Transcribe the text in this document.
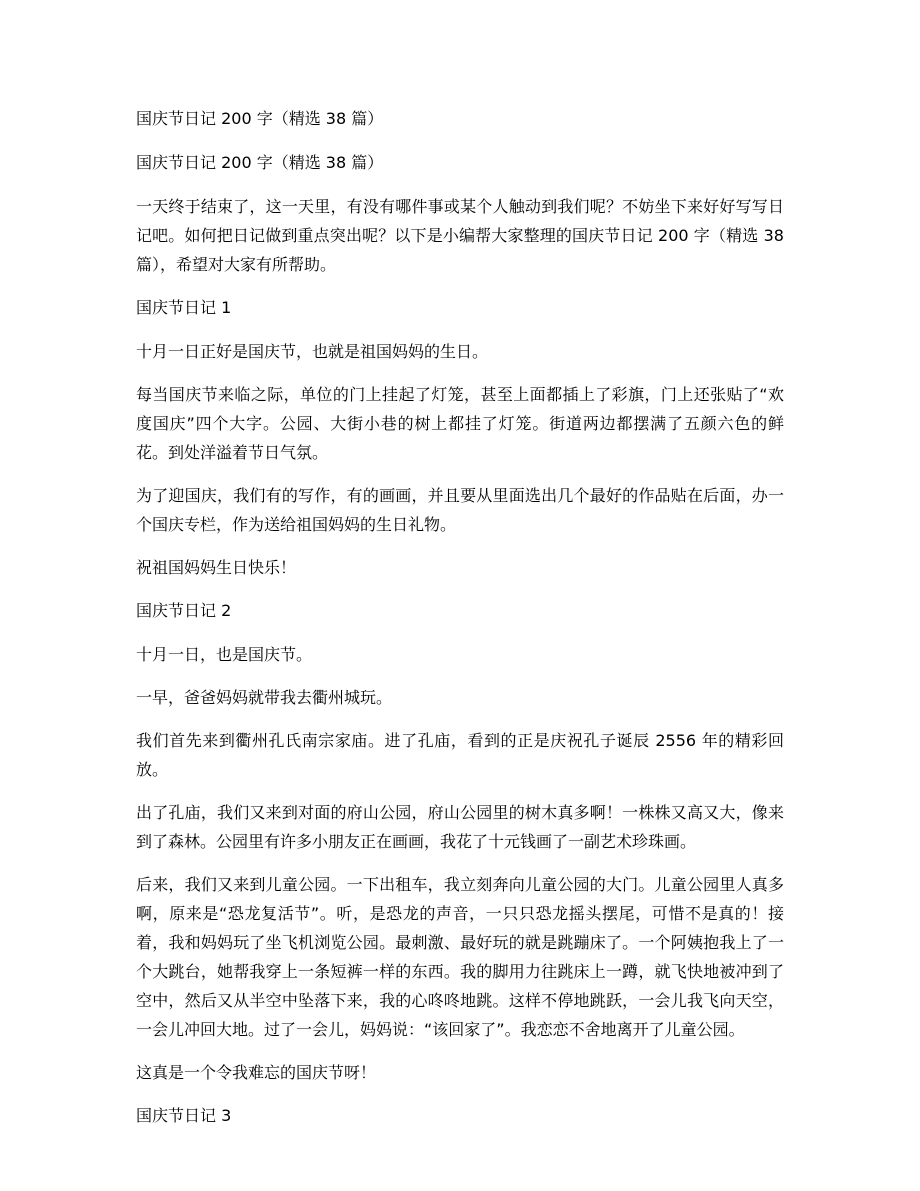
国庆节日记 200 字（精选 38 篇）

国庆节日记 200 字（精选 38 篇）

一天终于结束了，这一天里，有没有哪件事或某个人触动到我们呢？不妨坐下来好好写写日记吧。如何把日记做到重点突出呢？以下是小编帮大家整理的国庆节日记 200 字（精选 38 篇），希望对大家有所帮助。

国庆节日记 1

十月一日正好是国庆节，也就是祖国妈妈的生日。

每当国庆节来临之际，单位的门上挂起了灯笼，甚至上面都插上了彩旗，门上还张贴了“欢度国庆”四个大字。公园、大街小巷的树上都挂了灯笼。街道两边都摆满了五颜六色的鲜花。到处洋溢着节日气氛。

为了迎国庆，我们有的写作，有的画画，并且要从里面选出几个最好的作品贴在后面，办一个国庆专栏，作为送给祖国妈妈的生日礼物。

祝祖国妈妈生日快乐！

国庆节日记 2

十月一日，也是国庆节。

一早，爸爸妈妈就带我去衢州城玩。

我们首先来到衢州孔氏南宗家庙。进了孔庙，看到的正是庆祝孔子诞辰 2556 年的精彩回放。

出了孔庙，我们又来到对面的府山公园，府山公园里的树木真多啊！一株株又高又大，像来到了森林。公园里有许多小朋友正在画画，我花了十元钱画了一副艺术珍珠画。

后来，我们又来到儿童公园。一下出租车，我立刻奔向儿童公园的大门。儿童公园里人真多啊，原来是“恐龙复活节”。听，是恐龙的声音，一只只恐龙摇头摆尾，可惜不是真的！接着，我和妈妈玩了坐飞机浏览公园。最刺激、最好玩的就是跳蹦床了。一个阿姨抱我上了一个大跳台，她帮我穿上一条短裤一样的东西。我的脚用力往跳床上一蹲，就飞快地被冲到了空中，然后又从半空中坠落下来，我的心咚咚地跳。这样不停地跳跃，一会儿我飞向天空，一会儿冲回大地。过了一会儿，妈妈说：“该回家了”。我恋恋不舍地离开了儿童公园。

这真是一个令我难忘的国庆节呀！

国庆节日记 3
